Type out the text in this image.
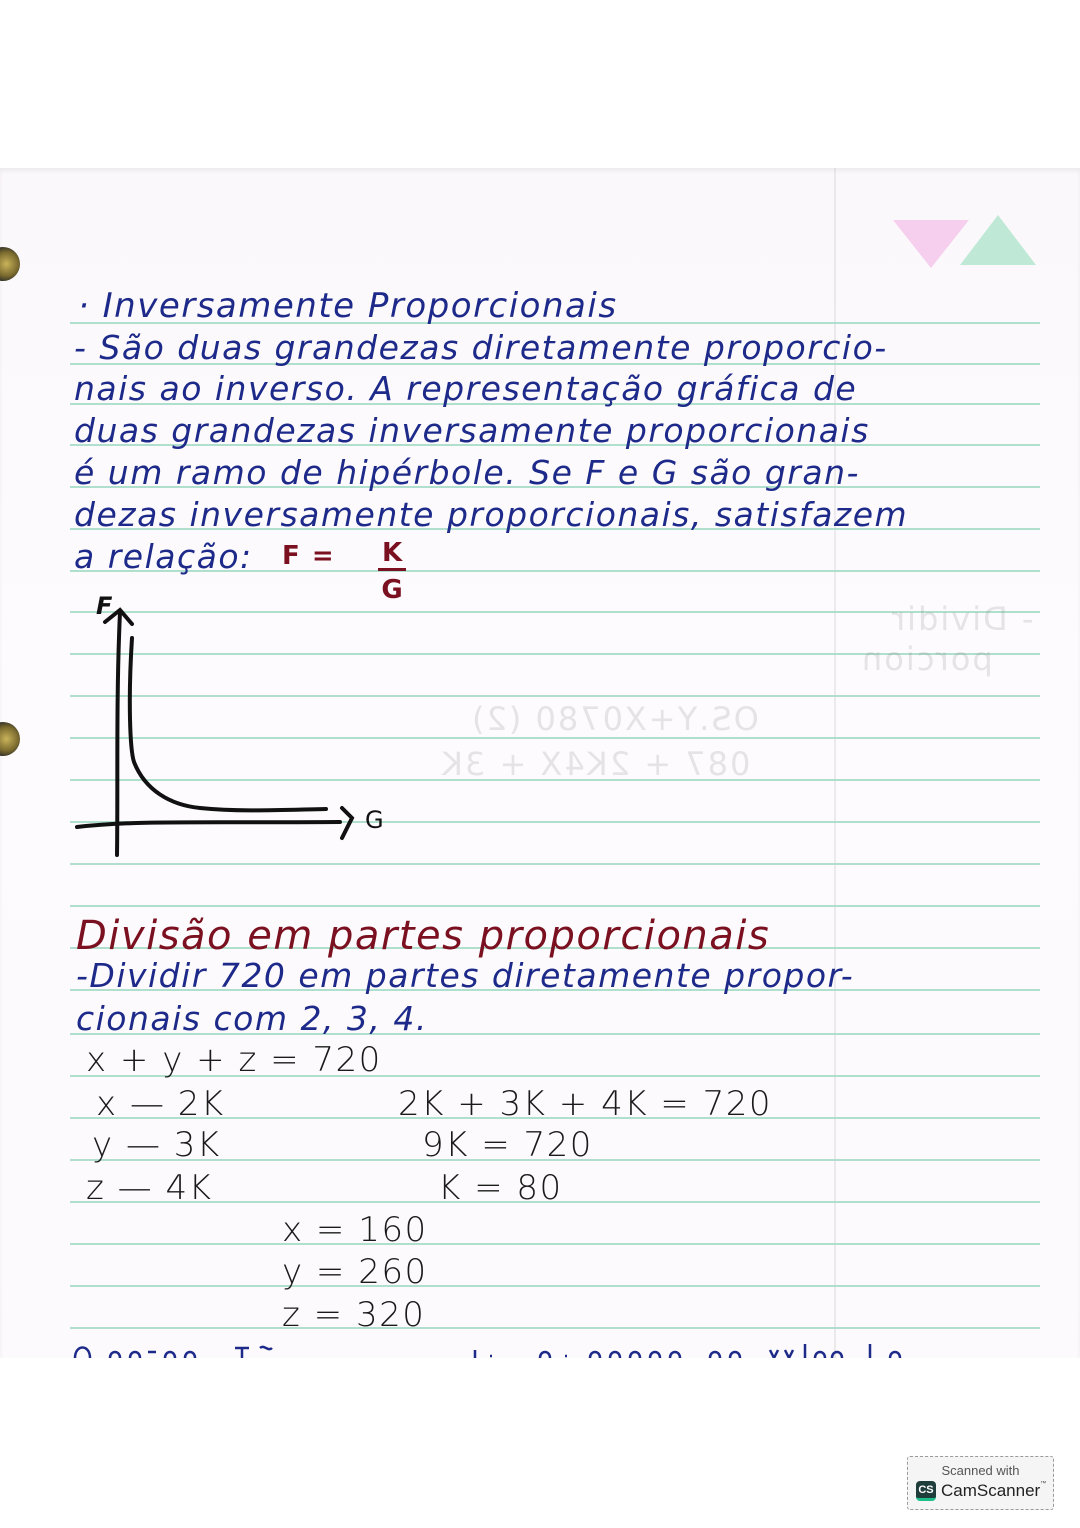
OS.Y+X0780 (2)
087 + 2K4X + 3K
- Dividir
porcion
· Inversamente Proporcionais
- São duas grandezas diretamente proporcio-
nais ao inverso. A representação gráfica de
duas grandezas inversamente proporcionais
é um ramo de hipérbole. Se F e G são gran-
dezas inversamente proporcionais, satisfazem
a relação: $F = \frac{K}{G}$
F
G
Divisão em partes proporcionais
-Dividir 720 em partes diretamente propor-
cionais com 2, 3, 4.
x + y + z = 720
x — 2K
y — 3K
z — 4K
2K + 3K + 4K = 720
9K = 720
K = 80
x = 160
y = 260
z = 320
Scanned with
CS CamScanner™
